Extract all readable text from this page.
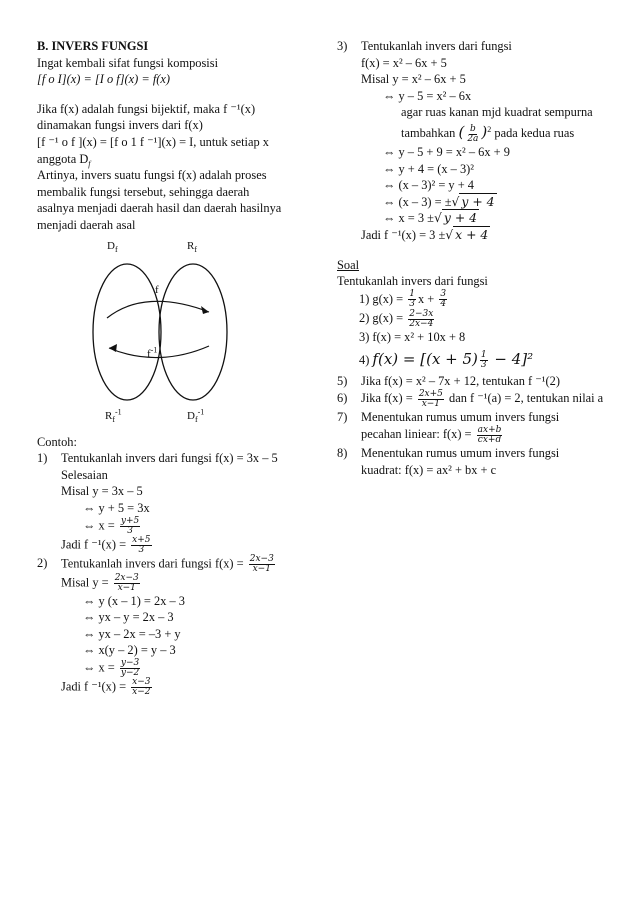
B. INVERS FUNGSI
Ingat kembali sifat fungsi komposisi
[f o I](x) = [I o f](x) = f(x)
Jika f(x) adalah fungsi bijektif, maka f ⁻¹(x)
dinamakan fungsi invers dari f(x)
[f ⁻¹ o f ](x) = [f o 1 f ⁻¹](x) = I, untuk setiap x
anggota $D_f$
Artinya, invers suatu fungsi f(x) adalah proses
membalik fungsi tersebut, sehingga daerah
asalnya menjadi daerah hasil dan daerah hasilnya
menjadi daerah asal
$D_f$	$R_f$
f
$f^{-1}$
$R_f^{-1}$	$D_f^{-1}$
Contoh:
1)	Tentukanlah invers dari fungsi f(x) = 3x – 5
Selesaian
Misal y = 3x – 5
⇔ y + 5 = 3x
⇔ $x = \frac{y+5}{3}$
Jadi f $^{-1}(x) = \frac{x+5}{3}$
2)	Tentukanlah invers dari fungsi $f(x) = \frac{2x-3}{x-1}$
Misal $y = \frac{2x-3}{x-1}$
⇔ y (x – 1) = 2x – 3
⇔ yx – y = 2x – 3
⇔ yx – 2x = –3 + y
⇔ x(y – 2) = y – 3
⇔ $x = \frac{y-3}{y-2}$
Jadi f $^{-1}(x) = \frac{x-3}{x-2}$
3)	Tentukanlah invers dari fungsi
f(x) = x² – 6x + 5
Misal y = x² – 6x + 5
⇔ y – 5 = x² – 6x
agar ruas kanan mjd kuadrat sempurna
tambahkan ( $\frac{b}{2a} )^2$ pada kedua ruas
⇔ y – 5 + 9 = x² – 6x + 9
⇔ y + 4 = (x – 3)²
⇔ (x – 3)² = y + 4
⇔ (x – 3) = ±√ y + 4
⇔ x = 3 ±√ y + 4
Jadi f ⁻¹(x) = 3 ±√ x + 4
Soal
Tentukanlah invers dari fungsi
1) $g(x) = \frac{1}{3}$ $x + \frac{3}{4}$
2) $g(x) = \frac{2-3x}{2x-4}$
3) f(x) = x² + 10x + 8
4) $f(x) = [(x + 5) \frac{1}{3} - 4]^2$
5)	Jika f(x) = x² – 7x + 12, tentukan f ⁻¹(2)
6)	Jika $f(x) = \frac{2x+5}{x-1}$ dan f ⁻¹(a) = 2, tentukan nilai a
7)	Menentukan rumus umum invers fungsi
pecahan liniear: $f(x) = \frac{ax+b}{cx+d}$
8)	Menentukan rumus umum invers fungsi
kuadrat: f(x) = ax² + bx + c
